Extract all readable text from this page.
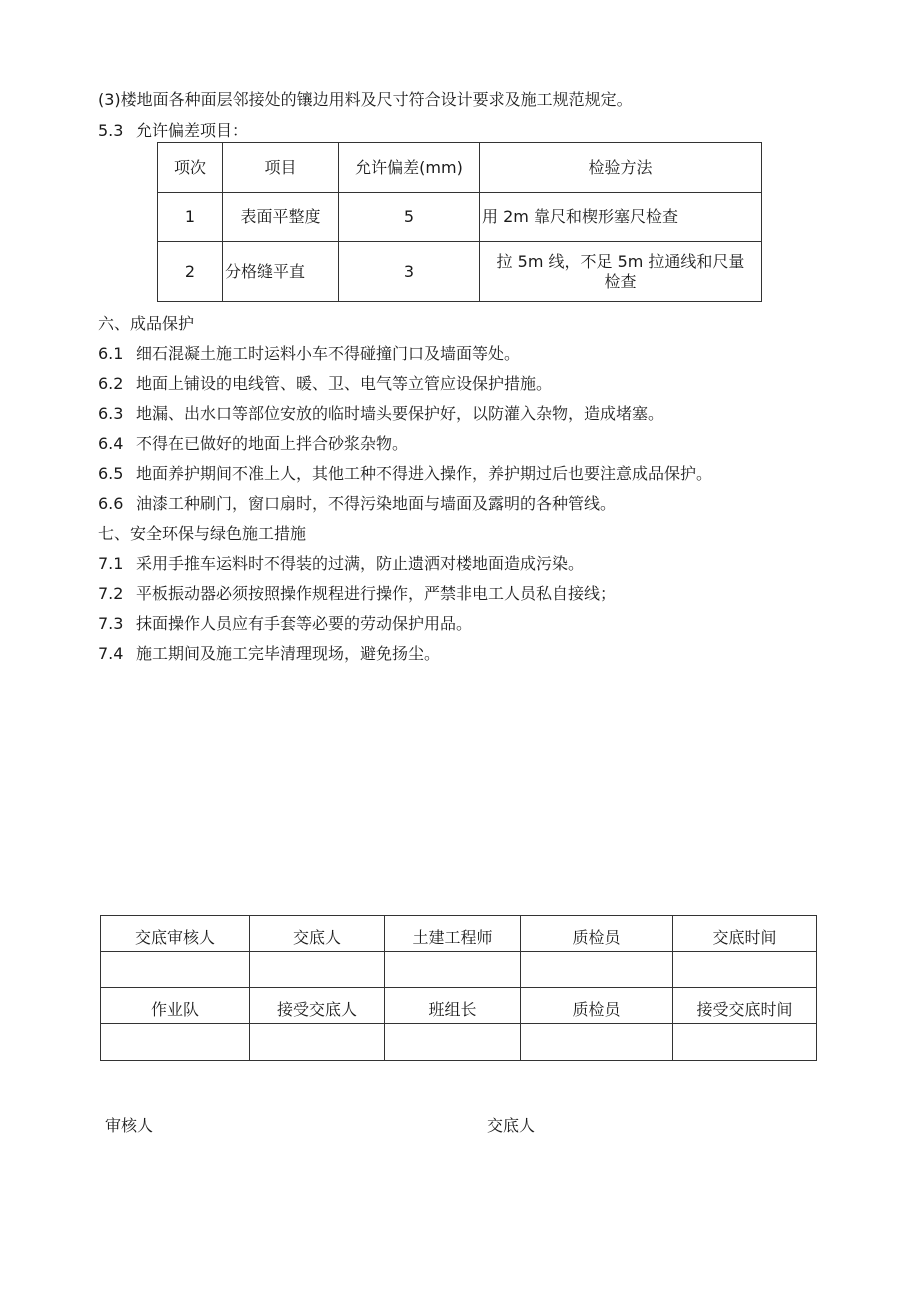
(3)楼地面各种面层邻接处的镶边用料及尺寸符合设计要求及施工规范规定。
5.3 允许偏差项目：
项次	项目	允许偏差(mm)	检验方法
1	表面平整度	5	用 2m 靠尺和楔形塞尺检查
2	分格缝平直	3	拉 5m 线，不足 5m 拉通线和尺量
检查
六、成品保护
6.1 细石混凝土施工时运料小车不得碰撞门口及墙面等处。
6.2 地面上铺设的电线管、暖、卫、电气等立管应设保护措施。
6.3 地漏、出水口等部位安放的临时墙头要保护好，以防灌入杂物，造成堵塞。
6.4 不得在已做好的地面上拌合砂浆杂物。
6.5 地面养护期间不准上人，其他工种不得进入操作，养护期过后也要注意成品保护。
6.6 油漆工种刷门，窗口扇时，不得污染地面与墙面及露明的各种管线。
七、安全环保与绿色施工措施
7.1 采用手推车运料时不得装的过满，防止遗洒对楼地面造成污染。
7.2 平板振动器必须按照操作规程进行操作，严禁非电工人员私自接线；
7.3 抹面操作人员应有手套等必要的劳动保护用品。
7.4 施工期间及施工完毕清理现场，避免扬尘。
交底审核人	交底人	土建工程师	质检员	交底时间

作业队	接受交底人	班组长	质检员	接受交底时间

审核人	交底人
